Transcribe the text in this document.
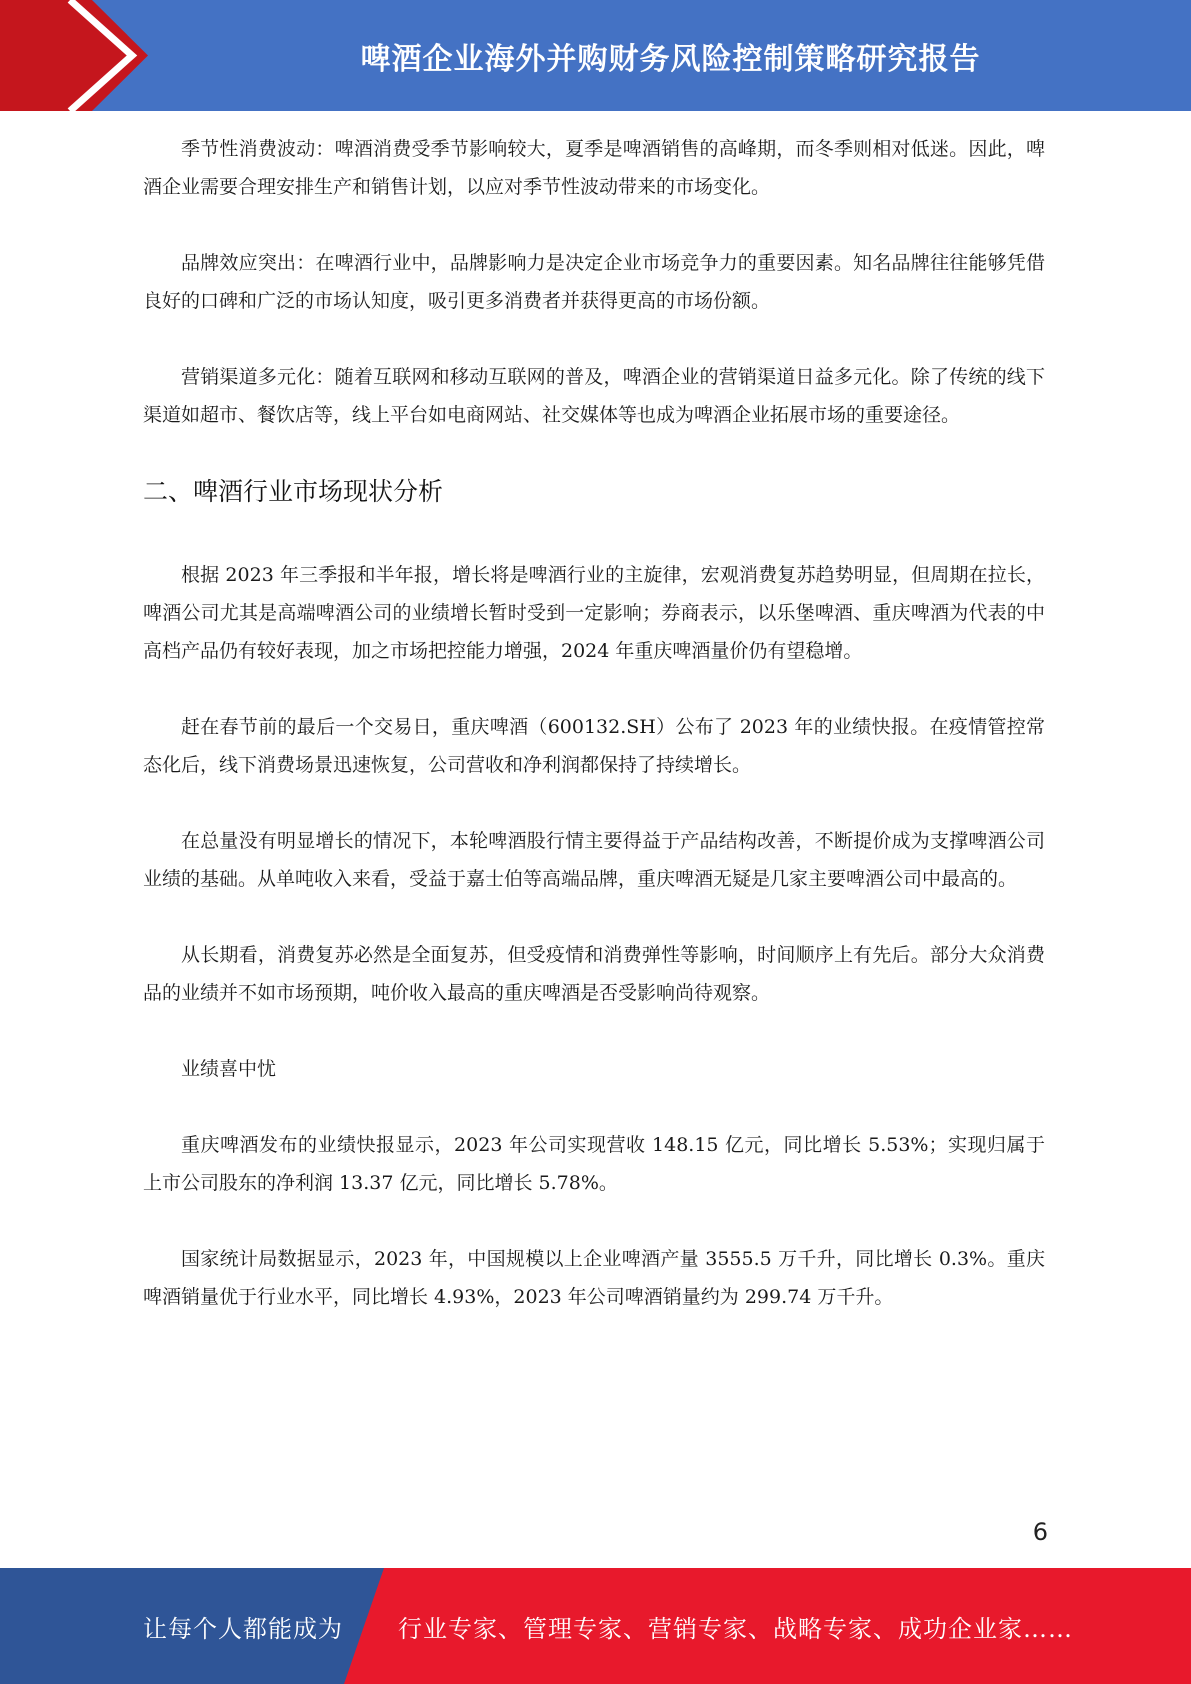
啤酒企业海外并购财务风险控制策略研究报告

季节性消费波动：啤酒消费受季节影响较大，夏季是啤酒销售的高峰期，而冬季则相对低迷。因此，啤酒企业需要合理安排生产和销售计划，以应对季节性波动带来的市场变化。

品牌效应突出：在啤酒行业中，品牌影响力是决定企业市场竞争力的重要因素。知名品牌往往能够凭借良好的口碑和广泛的市场认知度，吸引更多消费者并获得更高的市场份额。

营销渠道多元化：随着互联网和移动互联网的普及，啤酒企业的营销渠道日益多元化。除了传统的线下渠道如超市、餐饮店等，线上平台如电商网站、社交媒体等也成为啤酒企业拓展市场的重要途径。

二、啤酒行业市场现状分析

根据 2023 年三季报和半年报，增长将是啤酒行业的主旋律，宏观消费复苏趋势明显，但周期在拉长，啤酒公司尤其是高端啤酒公司的业绩增长暂时受到一定影响；券商表示，以乐堡啤酒、重庆啤酒为代表的中高档产品仍有较好表现，加之市场把控能力增强，2024 年重庆啤酒量价仍有望稳增。

赶在春节前的最后一个交易日，重庆啤酒（600132.SH）公布了 2023 年的业绩快报。在疫情管控常态化后，线下消费场景迅速恢复，公司营收和净利润都保持了持续增长。

在总量没有明显增长的情况下，本轮啤酒股行情主要得益于产品结构改善，不断提价成为支撑啤酒公司业绩的基础。从单吨收入来看，受益于嘉士伯等高端品牌，重庆啤酒无疑是几家主要啤酒公司中最高的。

从长期看，消费复苏必然是全面复苏，但受疫情和消费弹性等影响，时间顺序上有先后。部分大众消费品的业绩并不如市场预期，吨价收入最高的重庆啤酒是否受影响尚待观察。

业绩喜中忧

重庆啤酒发布的业绩快报显示，2023 年公司实现营收 148.15 亿元，同比增长 5.53%；实现归属于上市公司股东的净利润 13.37 亿元，同比增长 5.78%。

国家统计局数据显示，2023 年，中国规模以上企业啤酒产量 3555.5 万千升，同比增长 0.3%。重庆啤酒销量优于行业水平，同比增长 4.93%，2023 年公司啤酒销量约为 299.74 万千升。

6
让每个人都能成为 行业专家、管理专家、营销专家、战略专家、成功企业家……
